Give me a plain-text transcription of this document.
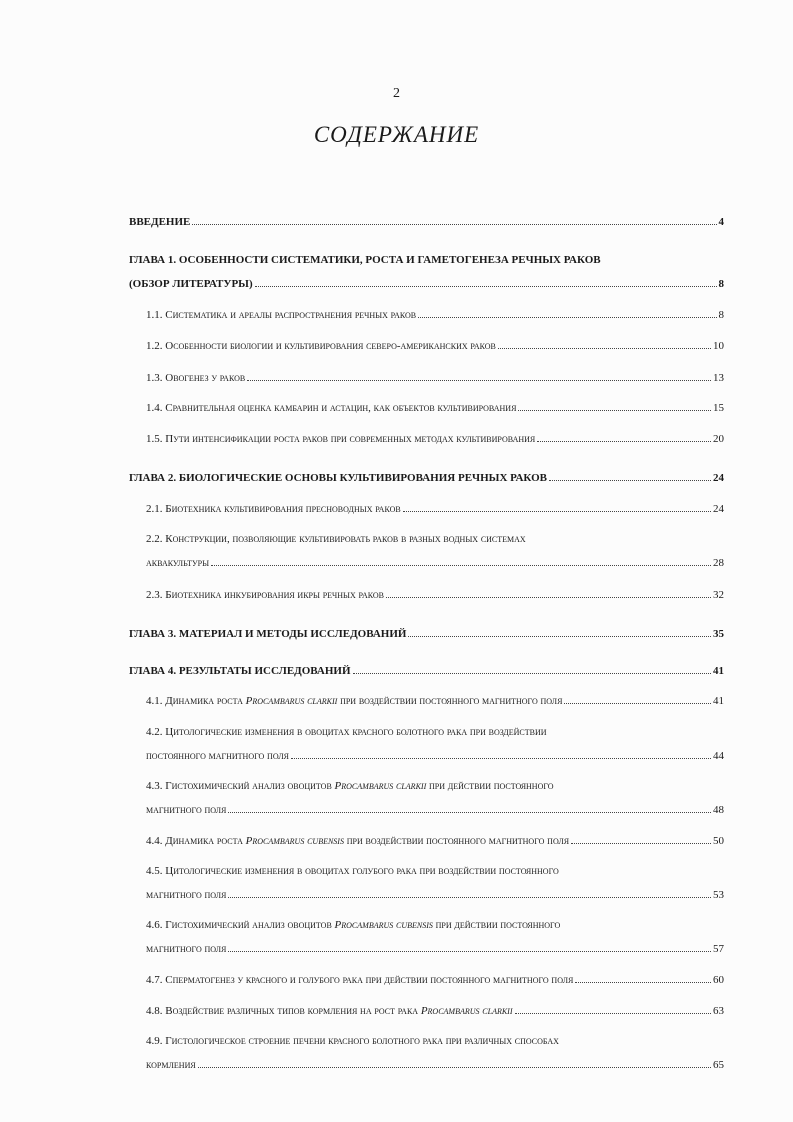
2
СОДЕРЖАНИЕ
ВВЕДЕНИЕ	4
ГЛАВА 1. ОСОБЕННОСТИ СИСТЕМАТИКИ, РОСТА И ГАМЕТОГЕНЕЗА РЕЧНЫХ РАКОВ
(ОБЗОР ЛИТЕРАТУРЫ)	8
1.1. Систематика и ареалы распространения речных раков	8
1.2. Особенности биологии и культивирования северо-американских раков	10
1.3. Овогенез у раков	13
1.4. Сравнительная оценка камбарин и астацин, как объектов культивирования	15
1.5. Пути интенсификации роста раков при современных методах культивирования	20
ГЛАВА 2. БИОЛОГИЧЕСКИЕ ОСНОВЫ КУЛЬТИВИРОВАНИЯ РЕЧНЫХ РАКОВ	24
2.1. Биотехника культивирования пресноводных раков	24
2.2. Конструкции, позволяющие культивировать раков в разных водных системах
аквакультуры	28
2.3. Биотехника инкубирования икры речных раков	32
ГЛАВА 3. МАТЕРИАЛ И МЕТОДЫ ИССЛЕДОВАНИЙ	35
ГЛАВА 4. РЕЗУЛЬТАТЫ ИССЛЕДОВАНИЙ	41
4.1. Динамика роста Procambarus clarkii при воздействии постоянного магнитного поля	41
4.2. Цитологические изменения в овоцитах красного болотного рака при воздействии
постоянного магнитного поля	44
4.3. Гистохимический анализ овоцитов Procambarus clarkii при действии постоянного
магнитного поля	48
4.4. Динамика роста Procambarus cubensis при воздействии постоянного магнитного поля	50
4.5. Цитологические изменения в овоцитах голубого рака при воздействии постоянного
магнитного поля	53
4.6. Гистохимический анализ овоцитов Procambarus cubensis при действии постоянного
магнитного поля	57
4.7. Сперматогенез у красного и голубого рака при действии постоянного магнитного поля	60
4.8. Воздействие различных типов кормления на рост рака Procambarus clarkii	63
4.9. Гистологическое строение печени красного болотного рака при различных способах
кормления	65
